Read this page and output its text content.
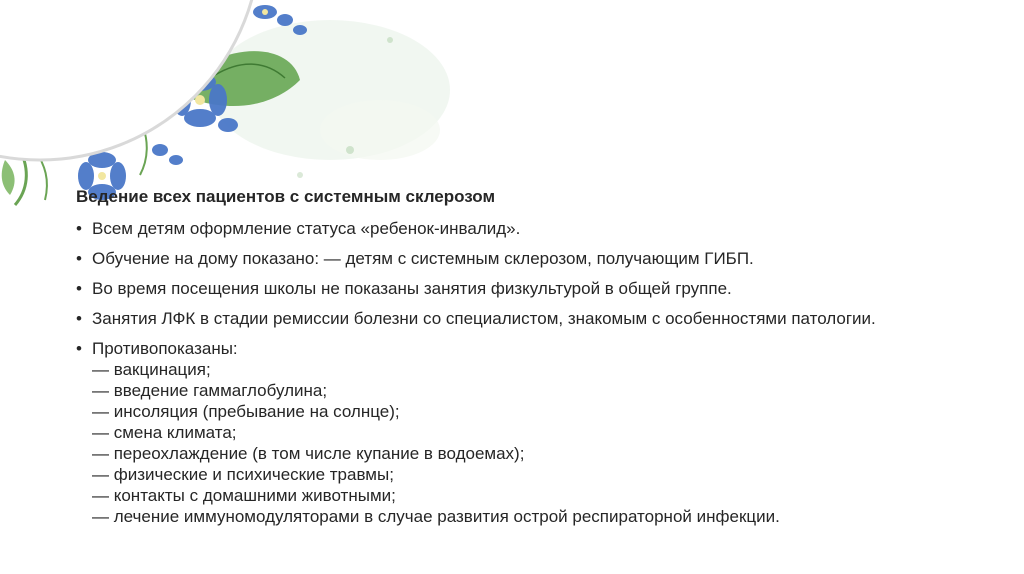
Ведение всех пациентов с системным склерозом
• Всем детям оформление статуса «ребенок-инвалид».
• Обучение на дому показано: — детям с системным склерозом, получающим ГИБП.
• Во время посещения школы не показаны занятия физкультурой в общей группе.
• Занятия ЛФК в стадии ремиссии болезни со специалистом, знакомым с особенностями патологии.
• Противопоказаны:
— вакцинация;
— введение гаммаглобулина;
— инсоляция (пребывание на солнце);
— смена климата;
— переохлаждение (в том числе купание в водоемах);
— физические и психические травмы;
— контакты с домашними животными;
— лечение иммуномодуляторами в случае развития острой респираторной инфекции.
